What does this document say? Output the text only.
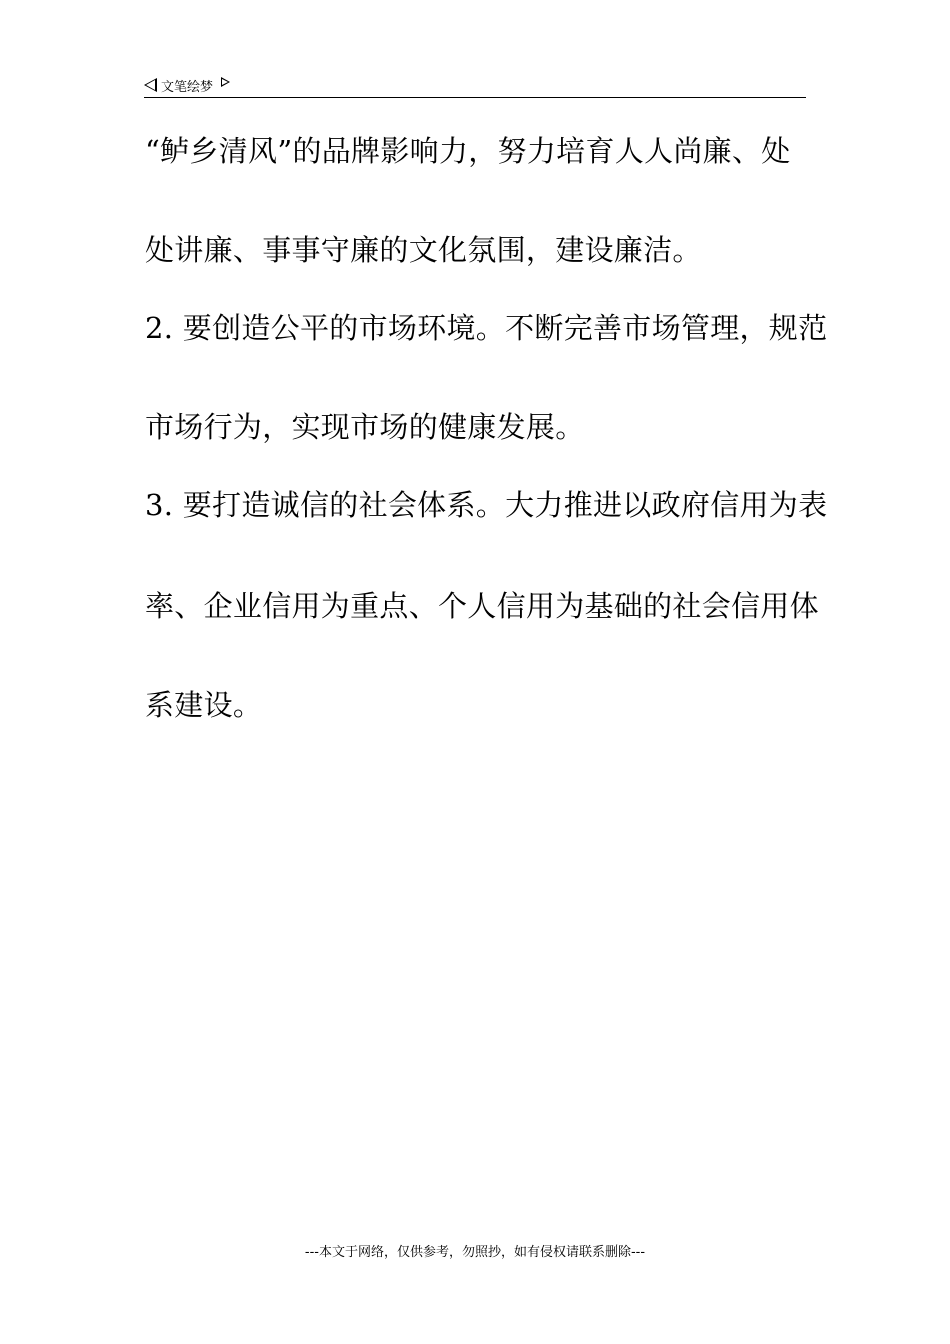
文笔绘梦
“鲈乡清风”的品牌影响力，努力培育人人尚廉、处
处讲廉、事事守廉的文化氛围，建设廉洁。
2. 要创造公平的市场环境。不断完善市场管理，规范
市场行为，实现市场的健康发展。
3. 要打造诚信的社会体系。大力推进以政府信用为表
率、企业信用为重点、个人信用为基础的社会信用体
系建设。
---本文于网络，仅供参考，勿照抄，如有侵权请联系删除---
